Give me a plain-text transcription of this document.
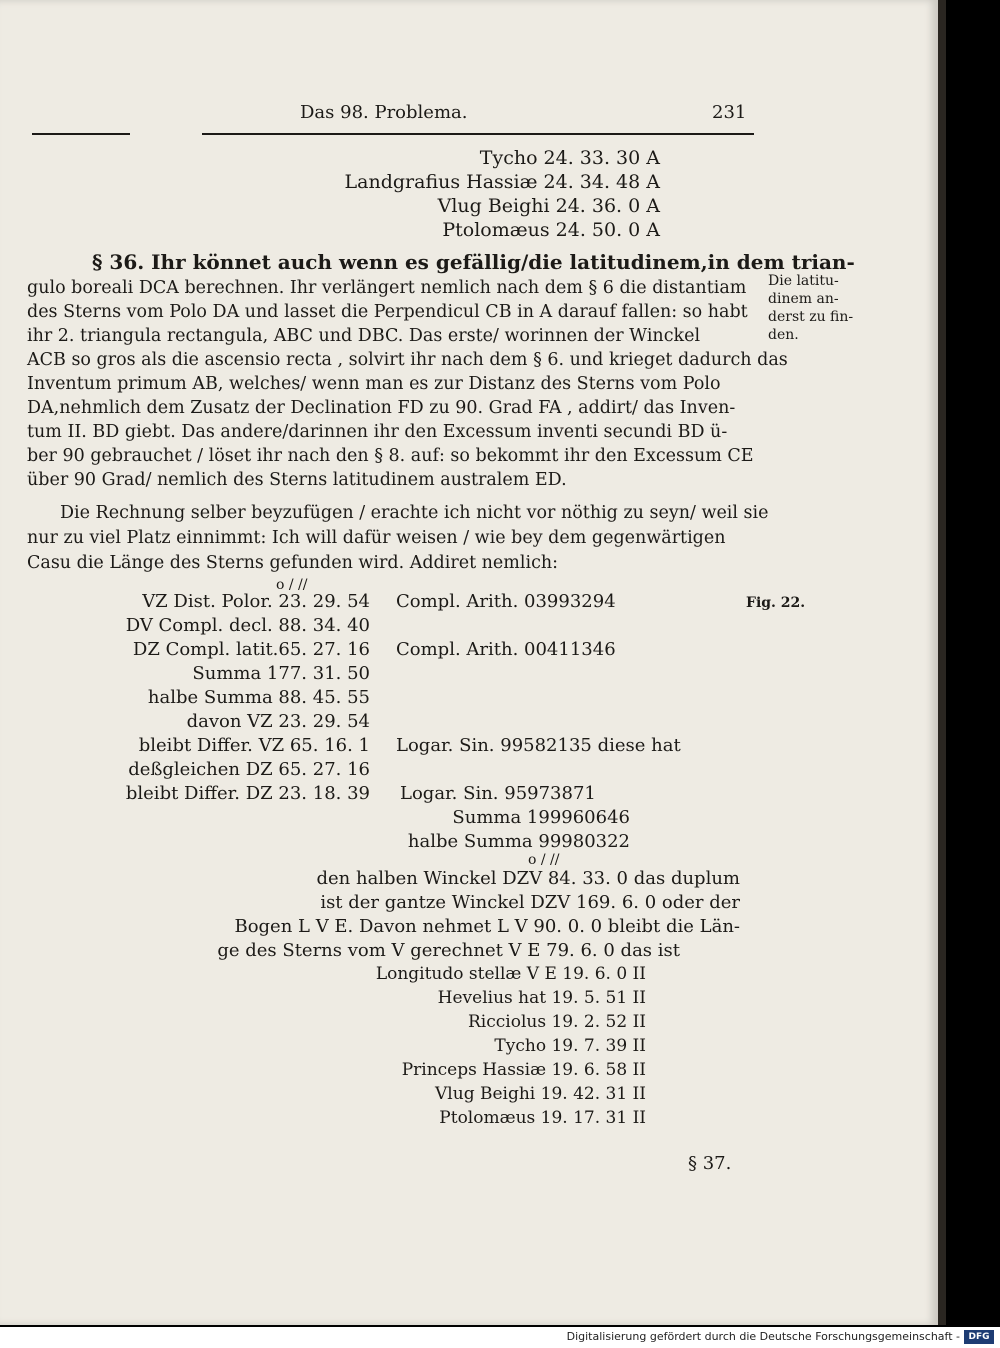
Das 98. Problema.	231
Tycho 24. 33. 30 A
Landgrafius Hassiæ 24. 34. 48 A
Vlug Beighi 24. 36. 0 A
Ptolomæus 24. 50. 0 A
§ 36. Ihr könnet auch wenn es gefällig/die latitudinem,in dem trian-
gulo boreali DCA berechnen. Ihr verlängert nemlich nach dem § 6 die distantiam
des Sterns vom Polo DA und lasset die Perpendicul CB in A darauf fallen: so habt
ihr 2. triangula rectangula, ABC und DBC. Das erste/ worinnen der Winckel
ACB so gros als die ascensio recta , solvirt ihr nach dem § 6. und krieget dadurch das
Inventum primum AB, welches/ wenn man es zur Distanz des Sterns vom Polo
DA,nehmlich dem Zusatz der Declination FD zu 90. Grad FA , addirt/ das Inven-
tum II. BD giebt. Das andere/darinnen ihr den Excessum inventi secundi BD ü-
ber 90 gebrauchet / löset ihr nach den § 8. auf: so bekommt ihr den Excessum CE
über 90 Grad/ nemlich des Sterns latitudinem australem ED.
Die latitu-
dinem an-
derst zu fin-
den.
Die Rechnung selber beyzufügen / erachte ich nicht vor nöthig zu seyn/ weil sie
nur zu viel Platz einnimmt: Ich will dafür weisen / wie bey dem gegenwärtigen
Casu die Länge des Sterns gefunden wird. Addiret nemlich:
o / //
Fig. 22.
VZ Dist. Polor. 23. 29. 54 Compl. Arith. 03993294
DV Compl. decl. 88. 34. 40
DZ Compl. latit.65. 27. 16 Compl. Arith. 00411346
Summa 177. 31. 50
halbe Summa 88. 45. 55
davon VZ 23. 29. 54
bleibt Differ. VZ 65. 16. 1 Logar. Sin. 99582135 diese hat
deßgleichen DZ 65. 27. 16
bleibt Differ. DZ 23. 18. 39 Logar. Sin. 95973871
Summa 199960646
halbe Summa 99980322
o / //
den halben Winckel DZV 84. 33. 0 das duplum
ist der gantze Winckel DZV 169. 6. 0 oder der
Bogen L V E. Davon nehmet L V 90. 0. 0 bleibt die Län-
ge des Sterns vom V gerechnet V E 79. 6. 0 das ist
Longitudo stellæ V E 19. 6. 0 II
Hevelius hat 19. 5. 51 II
Ricciolus 19. 2. 52 II
Tycho 19. 7. 39 II
Princeps Hassiæ 19. 6. 58 II
Vlug Beighi 19. 42. 31 II
Ptolomæus 19. 17. 31 II
§ 37.
Digitalisierung gefördert durch die Deutsche Forschungsgemeinschaft - DFG
